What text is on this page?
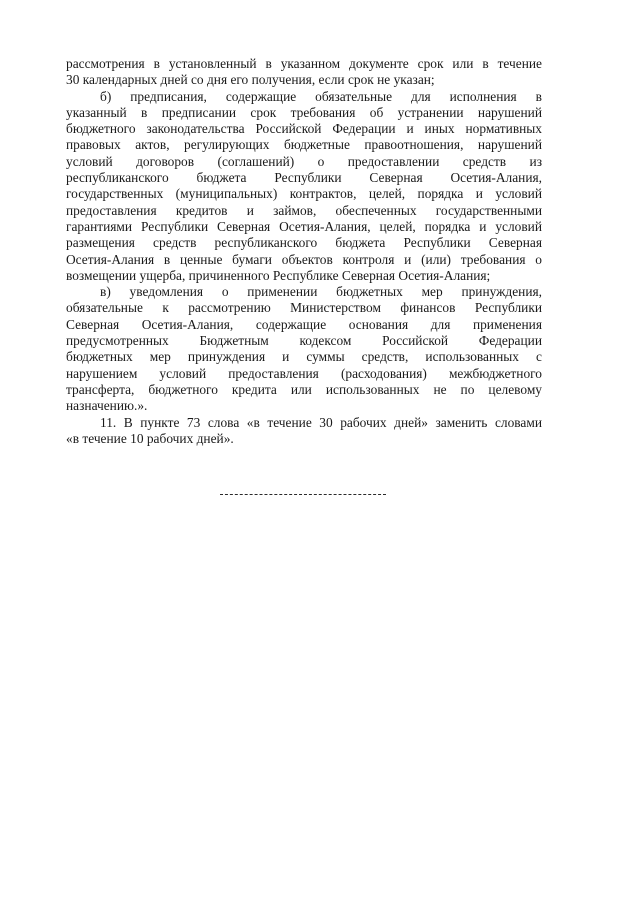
рассмотрения в установленный в указанном документе срок или в течение
30 календарных дней со дня его получения, если срок не указан;
б) предписания, содержащие обязательные для исполнения в
указанный в предписании срок требования об устранении нарушений
бюджетного законодательства Российской Федерации и иных нормативных
правовых актов, регулирующих бюджетные правоотношения, нарушений
условий договоров (соглашений) о предоставлении средств из
республиканского бюджета Республики Северная Осетия-Алания,
государственных (муниципальных) контрактов, целей, порядка и условий
предоставления кредитов и займов, обеспеченных государственными
гарантиями Республики Северная Осетия-Алания, целей, порядка и условий
размещения средств республиканского бюджета Республики Северная
Осетия-Алания в ценные бумаги объектов контроля и (или) требования о
возмещении ущерба, причиненного Республике Северная Осетия-Алания;
в) уведомления о применении бюджетных мер принуждения,
обязательные к рассмотрению Министерством финансов Республики
Северная Осетия-Алания, содержащие основания для применения
предусмотренных Бюджетным кодексом Российской Федерации
бюджетных мер принуждения и суммы средств, использованных с
нарушением условий предоставления (расходования) межбюджетного
трансферта, бюджетного кредита или использованных не по целевому
назначению.».
11. В пункте 73 слова «в течение 30 рабочих дней» заменить словами
«в течение 10 рабочих дней».
